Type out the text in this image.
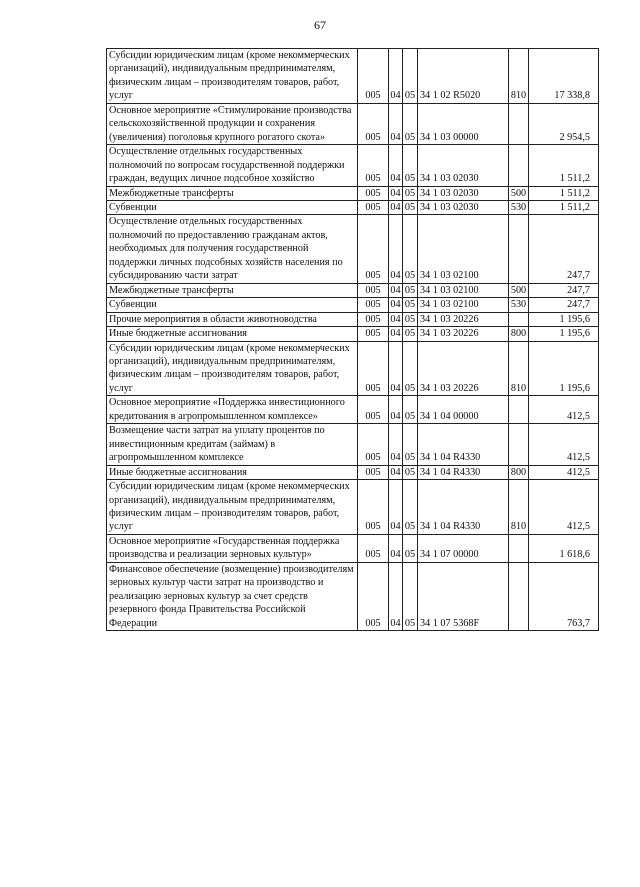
67
Субсидии юридическим лицам (кроме некоммерческих организаций), индивидуальным предпринимателям, физическим лицам – производителям товаров, работ, услуг	005	04	05	34 1 02 R5020	810	17 338,8
Основное мероприятие «Стимулирование производства сельскохозяйственной продукции и сохранения (увеличения) поголовья крупного рогатого скота»	005	04	05	34 1 03 00000		2 954,5
Осуществление отдельных государственных полномочий по вопросам государственной поддержки граждан, ведущих личное подсобное хозяйство	005	04	05	34 1 03 02030		1 511,2
Межбюджетные трансферты	005	04	05	34 1 03 02030	500	1 511,2
Субвенции	005	04	05	34 1 03 02030	530	1 511,2
Осуществление отдельных государственных полномочий по предоставлению гражданам актов, необходимых для получения государственной поддержки личных подсобных хозяйств населения по субсидированию части затрат	005	04	05	34 1 03 02100		247,7
Межбюджетные трансферты	005	04	05	34 1 03 02100	500	247,7
Субвенции	005	04	05	34 1 03 02100	530	247,7
Прочие мероприятия в области животноводства	005	04	05	34 1 03 20226		1 195,6
Иные бюджетные ассигнования	005	04	05	34 1 03 20226	800	1 195,6
Субсидии юридическим лицам (кроме некоммерческих организаций), индивидуальным предпринимателям, физическим лицам – производителям товаров, работ, услуг	005	04	05	34 1 03 20226	810	1 195,6
Основное мероприятие «Поддержка инвестиционного кредитования в агропромышленном комплексе»	005	04	05	34 1 04 00000		412,5
Возмещение части затрат на уплату процентов по инвестиционным кредитам (займам) в агропромышленном комплексе	005	04	05	34 1 04 R4330		412,5
Иные бюджетные ассигнования	005	04	05	34 1 04 R4330	800	412,5
Субсидии юридическим лицам (кроме некоммерческих организаций), индивидуальным предпринимателям, физическим лицам – производителям товаров, работ, услуг	005	04	05	34 1 04 R4330	810	412,5
Основное мероприятие «Государственная поддержка производства и реализации зерновых культур»	005	04	05	34 1 07 00000		1 618,6
Финансовое обеспечение (возмещение) производителям зерновых культур части затрат на производство и реализацию зерновых культур за счет средств резервного фонда Правительства Российской Федерации	005	04	05	34 1 07 5368F		763,7
